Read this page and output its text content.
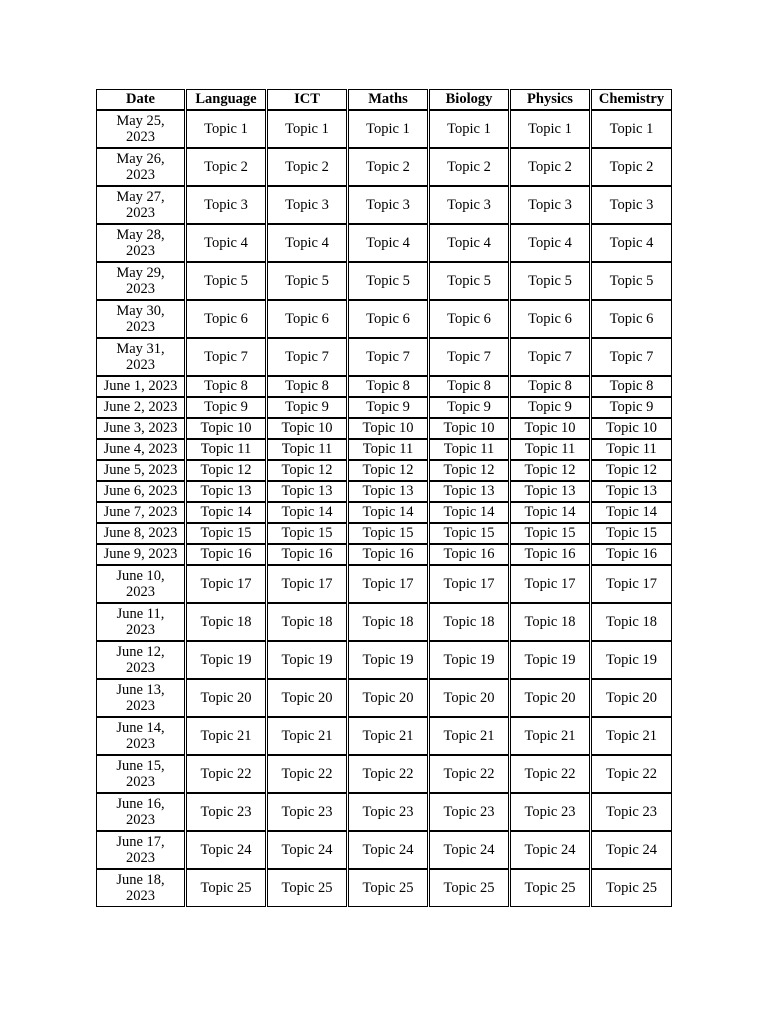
Date	Language	ICT	Maths	Biology	Physics	Chemistry
May 25,
2023	Topic 1	Topic 1	Topic 1	Topic 1	Topic 1	Topic 1
May 26,
2023	Topic 2	Topic 2	Topic 2	Topic 2	Topic 2	Topic 2
May 27,
2023	Topic 3	Topic 3	Topic 3	Topic 3	Topic 3	Topic 3
May 28,
2023	Topic 4	Topic 4	Topic 4	Topic 4	Topic 4	Topic 4
May 29,
2023	Topic 5	Topic 5	Topic 5	Topic 5	Topic 5	Topic 5
May 30,
2023	Topic 6	Topic 6	Topic 6	Topic 6	Topic 6	Topic 6
May 31,
2023	Topic 7	Topic 7	Topic 7	Topic 7	Topic 7	Topic 7
June 1, 2023	Topic 8	Topic 8	Topic 8	Topic 8	Topic 8	Topic 8
June 2, 2023	Topic 9	Topic 9	Topic 9	Topic 9	Topic 9	Topic 9
June 3, 2023	Topic 10	Topic 10	Topic 10	Topic 10	Topic 10	Topic 10
June 4, 2023	Topic 11	Topic 11	Topic 11	Topic 11	Topic 11	Topic 11
June 5, 2023	Topic 12	Topic 12	Topic 12	Topic 12	Topic 12	Topic 12
June 6, 2023	Topic 13	Topic 13	Topic 13	Topic 13	Topic 13	Topic 13
June 7, 2023	Topic 14	Topic 14	Topic 14	Topic 14	Topic 14	Topic 14
June 8, 2023	Topic 15	Topic 15	Topic 15	Topic 15	Topic 15	Topic 15
June 9, 2023	Topic 16	Topic 16	Topic 16	Topic 16	Topic 16	Topic 16
June 10,
2023	Topic 17	Topic 17	Topic 17	Topic 17	Topic 17	Topic 17
June 11,
2023	Topic 18	Topic 18	Topic 18	Topic 18	Topic 18	Topic 18
June 12,
2023	Topic 19	Topic 19	Topic 19	Topic 19	Topic 19	Topic 19
June 13,
2023	Topic 20	Topic 20	Topic 20	Topic 20	Topic 20	Topic 20
June 14,
2023	Topic 21	Topic 21	Topic 21	Topic 21	Topic 21	Topic 21
June 15,
2023	Topic 22	Topic 22	Topic 22	Topic 22	Topic 22	Topic 22
June 16,
2023	Topic 23	Topic 23	Topic 23	Topic 23	Topic 23	Topic 23
June 17,
2023	Topic 24	Topic 24	Topic 24	Topic 24	Topic 24	Topic 24
June 18,
2023	Topic 25	Topic 25	Topic 25	Topic 25	Topic 25	Topic 25
